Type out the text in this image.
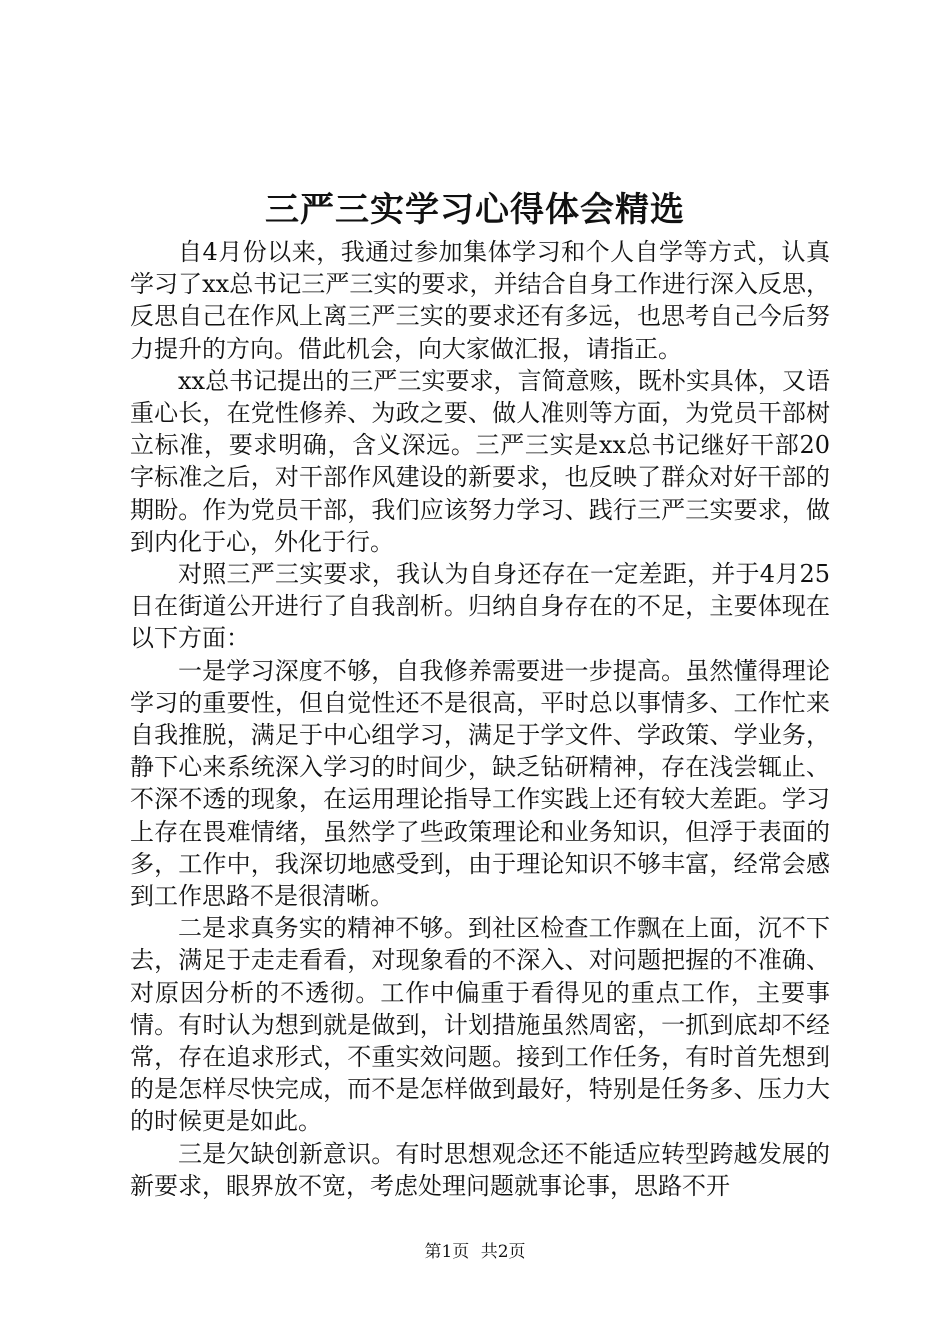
三严三实学习心得体会精选

自4月份以来，我通过参加集体学习和个人自学等方式，认真学习了xx总书记三严三实的要求，并结合自身工作进行深入反思，反思自己在作风上离三严三实的要求还有多远，也思考自己今后努力提升的方向。借此机会，向大家做汇报，请指正。

xx总书记提出的三严三实要求，言简意赅，既朴实具体，又语重心长，在党性修养、为政之要、做人准则等方面，为党员干部树立标准，要求明确，含义深远。三严三实是xx总书记继好干部20字标准之后，对干部作风建设的新要求，也反映了群众对好干部的期盼。作为党员干部，我们应该努力学习、践行三严三实要求，做到内化于心，外化于行。

对照三严三实要求，我认为自身还存在一定差距，并于4月25日在街道公开进行了自我剖析。归纳自身存在的不足，主要体现在以下方面：

一是学习深度不够，自我修养需要进一步提高。虽然懂得理论学习的重要性，但自觉性还不是很高，平时总以事情多、工作忙来自我推脱，满足于中心组学习，满足于学文件、学政策、学业务，静下心来系统深入学习的时间少，缺乏钻研精神，存在浅尝辄止、不深不透的现象，在运用理论指导工作实践上还有较大差距。学习上存在畏难情绪，虽然学了些政策理论和业务知识，但浮于表面的多，工作中，我深切地感受到，由于理论知识不够丰富，经常会感到工作思路不是很清晰。

二是求真务实的精神不够。到社区检查工作飘在上面，沉不下去，满足于走走看看，对现象看的不深入、对问题把握的不准确、对原因分析的不透彻。工作中偏重于看得见的重点工作，主要事情。有时认为想到就是做到，计划措施虽然周密，一抓到底却不经常，存在追求形式，不重实效问题。接到工作任务，有时首先想到的是怎样尽快完成，而不是怎样做到最好，特别是任务多、压力大的时候更是如此。

三是欠缺创新意识。有时思想观念还不能适应转型跨越发展的新要求，眼界放不宽，考虑处理问题就事论事，思路不开

第1页 共2页
